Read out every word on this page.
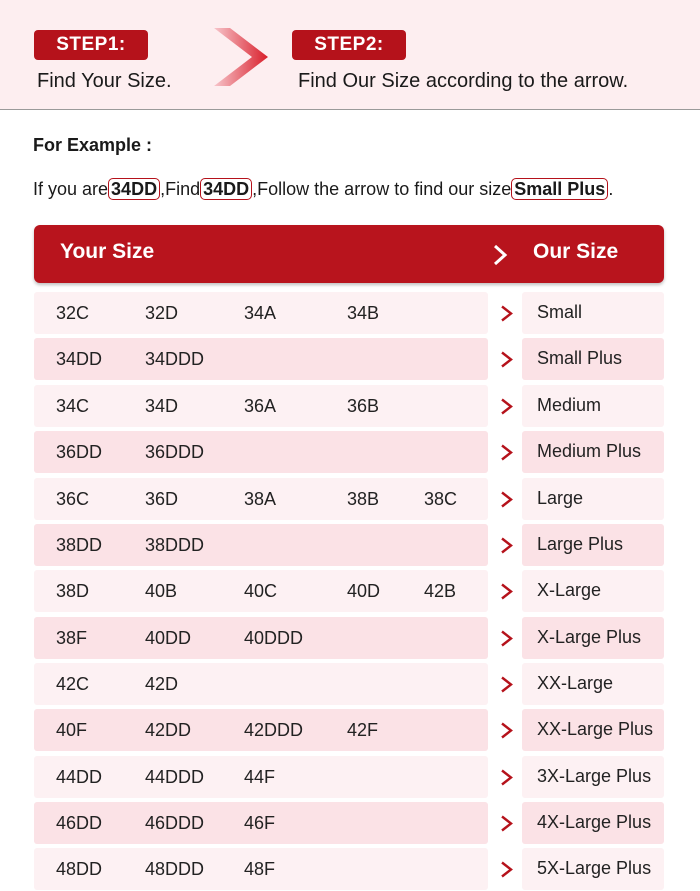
STEP1:
Find Your Size.
STEP2:
Find Our Size according to the arrow.
For Example :
If you are 34DD ,Find 34DD ,Follow the arrow to find our size Small Plus .
Your Size	Our Size
32C	32D	34A	34B	Small
34DD 34DDD	Small Plus
34C	34D	36A	36B	Medium
36DD 36DDD	Medium Plus
36C	36D	38A	38B 38C	Large
38DD 38DDD	Large Plus
38D	40B	40C	40D 42B	X-Large
38F	40DD	40DDD	X-Large Plus
42C	42D	XX-Large
40F	42DD	42DDD 42F	XX-Large Plus
44DD 44DDD 44F	3X-Large Plus
46DD 46DDD 46F	4X-Large Plus
48DD 48DDD 48F	5X-Large Plus
